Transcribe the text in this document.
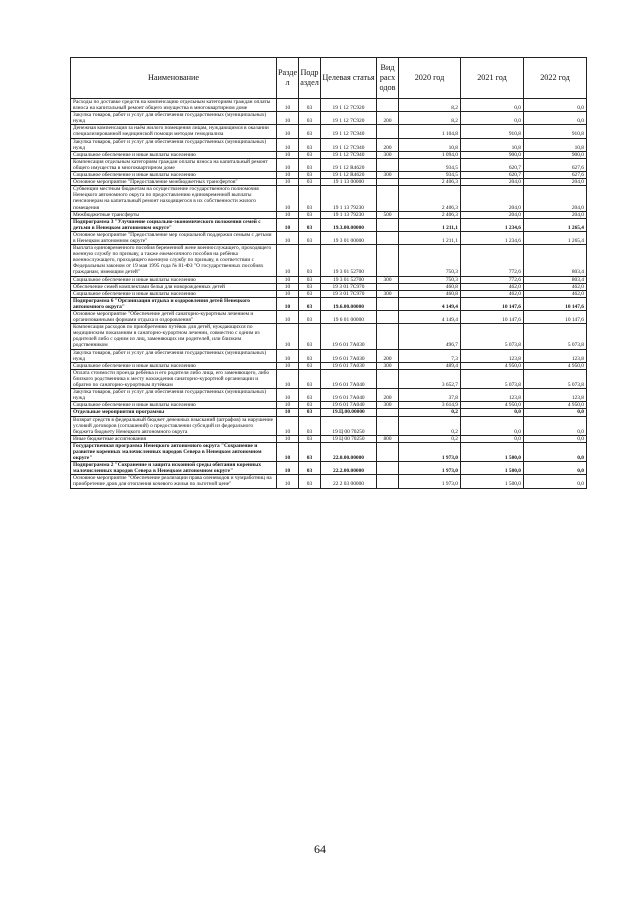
Наименование	Разде л	Подр аздел	Целевая статья	Вид расх одов	2020 год	2021 год	2022 год
Расходы по доставке средств на компенсацию отдельным категориям граждан оплаты взноса на капитальный ремонт общего имущества в многоквартирном доме	10	03	19 1 12 7С920		8,2	0,0	0,0
Закупка товаров, работ и услуг для обеспечения государственных (муниципальных) нужд	10	03	19 1 12 7С920	200	8,2	0,0	0,0
Денежная компенсация за наём жилого помещения лицам, нуждающимся в оказании специализированной медицинской помощи методом гемодиализа	10	03	19 1 12 7С940		1 104,8	910,8	910,8
Закупка товаров, работ и услуг для обеспечения государственных (муниципальных) нужд	10	03	19 1 12 7С940	200	10,8	10,8	10,8
Социальное обеспечение и иные выплаты населению	10	03	19 1 12 7С940	300	1 094,0	900,0	900,0
Компенсация отдельным категориям граждан оплаты взноса на капитальный ремонт общего имущества в многоквартирном доме	10	03	19 1 12 R4620		934,5	620,7	627,6
Социальное обеспечение и иные выплаты населению	10	03	19 1 12 R4620	300	934,5	620,7	627,6
Основное мероприятие "Предоставление межбюджетных трансфертов"	10	03	19 1 13 00000		2 406,3	204,0	204,0
Субвенции местным бюджетам на осуществление государственного полномочия Ненецкого автономного округа по предоставлению единовременной выплаты пенсионерам на капитальный ремонт находящегося в их собственности жилого помещения	10	03	19 1 13 79230		2 406,3	204,0	204,0
Межбюджетные трансферты	10	03	19 1 13 79230	500	2 406,3	204,0	204,0
Подпрограмма 3 "Улучшение социально-экономического положения семей с детьми в Ненецком автономном округе"	10	03	19.3.00.00000		1 211,1	1 234,6	1 265,4
Основное мероприятие "Предоставление мер социальной поддержки семьям с детьми в Ненецком автономном округе"	10	03	19 3 01 00000		1 211,1	1 234,6	1 265,4
Выплата единовременного пособия беременной жене военнослужащего, проходящего военную службу по призыву, а также ежемесячного пособия на ребёнка военнослужащего, проходящего военную службу по призыву, в соответствии с Федеральным законом от 19 мая 1995 года № 81-ФЗ "О государственных пособиях гражданам, имеющим детей"	10	03	19 3 01 52700		750,3	772,6	803,4
Социальное обеспечение и иные выплаты населению	10	03	19 3 01 52700	300	750,3	772,6	803,4
Обеспечение семей комплектами белья для новорожденных детей	10	03	19 3 01 7С970		460,8	462,0	462,0
Социальное обеспечение и иные выплаты населению	10	03	19 3 01 7С970	300	460,8	462,0	462,0
Подпрограмма 6 "Организация отдыха и оздоровления детей Ненецкого автономного округа"	10	03	19.6.00.00000		4 149,4	10 147,6	10 147,6
Основное мероприятие "Обеспечение детей санаторно-курортным лечением и организованными формами отдыха и оздоровления"	10	03	19 6 01 00000		4 149,4	10 147,6	10 147,6
Компенсация расходов по приобретению путёвок для детей, нуждающихся по медицинским показаниям в санаторно-курортном лечении, совместно с одним из родителей либо с одним из лиц, заменяющих им родителей, или близким родственником	10	03	19 6 01 7А030		496,7	5 073,8	5 073,8
Закупка товаров, работ и услуг для обеспечения государственных (муниципальных) нужд	10	03	19 6 01 7А030	200	7,3	123,8	123,8
Социальное обеспечение и иные выплаты населению	10	03	19 6 01 7А030	300	489,4	4 950,0	4 950,0
Оплата стоимости проезда ребёнка и его родителя либо лица, его заменяющего, либо близкого родственника к месту нахождения санаторно-курортной организации и обратно по санаторно-курортным путёвкам	10	03	19 6 01 7А040		3 652,7	5 073,8	5 073,8
Закупка товаров, работ и услуг для обеспечения государственных (муниципальных) нужд	10	03	19 6 01 7А040	200	37,8	123,8	123,8
Социальное обеспечение и иные выплаты населению	10	03	19 6 01 7А040	300	3 614,9	4 950,0	4 950,0
Отдельные мероприятия программы	10	03	19.Ц.00.00000		0,2	0,0	0,0
Возврат средств в федеральный бюджет денежных взысканий (штрафов) за нарушение условий договоров (соглашений) о предоставлении субсидий из федерального бюджета бюджету Ненецкого автономного округа	10	03	19 Ц 00 70250		0,2	0,0	0,0
Иные бюджетные ассигнования	10	03	19 Ц 00 70250	800	0,2	0,0	0,0
Государственная программа Ненецкого автономного округа "Сохранение и развитие коренных малочисленных народов Севера в Ненецком автономном округе"	10	03	22.0.00.00000		1 973,0	1 500,0	0,0
Подпрограмма 2 "Сохранение и защита исконной среды обитания коренных малочисленных народов Севера в Ненецком автономном округе"	10	03	22.2.00.00000		1 973,0	1 500,0	0,0
Основное мероприятие "Обеспечение реализации права оленеводов и чумработниц на приобретение дров для отопления кочевого жилья по льготной цене"	10	03	22 2 03 00000		1 973,0	1 500,0	0,0
64
